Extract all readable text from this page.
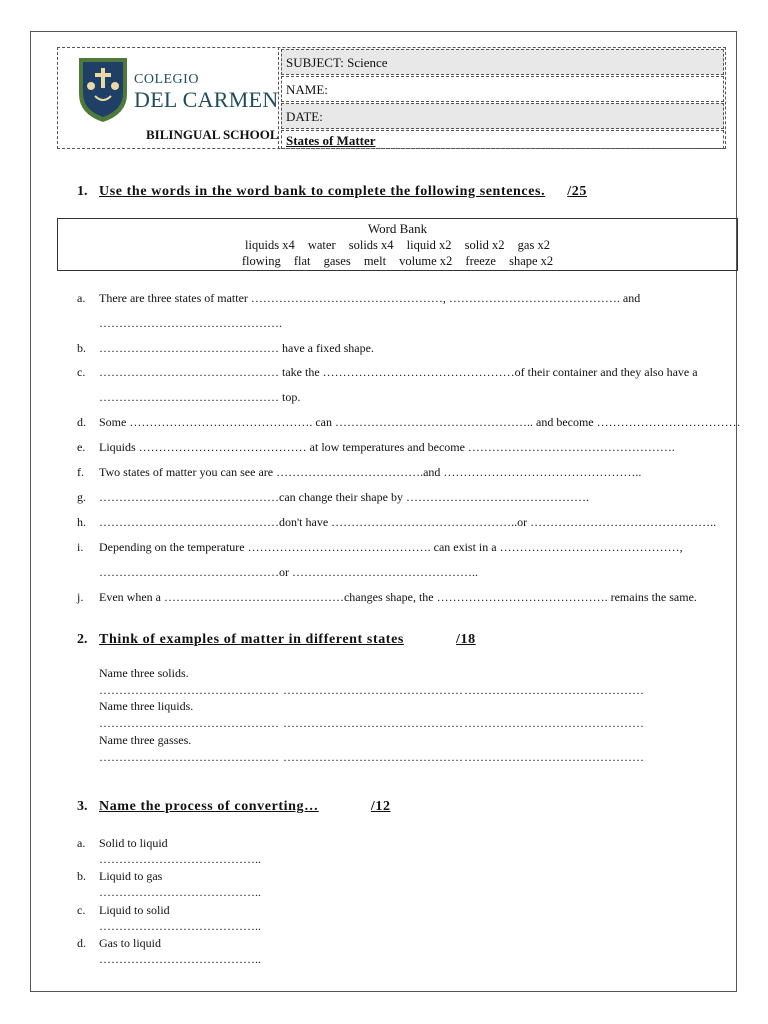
COLEGIO
DEL CARMEN
BILINGUAL SCHOOL
SUBJECT: Science
NAME:
DATE:
States of Matter
1. Use the words in the word bank to complete the following sentences. /25
Word Bank
liquids x4 water solids x4 liquid x2 solid x2 gas x2
flowing flat gases melt volume x2 freeze shape x2
a. There are three states of matter …………………………………………, ……………………………………. and
……………………………………….
b. ……………………………………… have a fixed shape.
c. ……………………………………… take the …………………………………………of their container and they also have a
……………………………………… top.
d. Some ………………………………………. can ………………………………………….. and become ………………………………
e. Liquids …………………………………… at low temperatures and become …………………………………………….
f. Two states of matter you can see are ……………………………….and …………………………………………..
g. ………………………………………can change their shape by ……………………………………….
h. ………………………………………don't have ………………………………………..or ………………………………………..
i. Depending on the temperature ………………………………………. can exist in a ………………………………………,
………………………………………or ………………………………………..
j. Even when a ………………………………………changes shape, the ……………………………………. remains the same.
2. Think of examples of matter in different states	/18
Name three solids.
……………………………………… ……………………………………… ………………………………………
Name three liquids.
……………………………………… ……………………………………… ………………………………………
Name three gasses.
……………………………………… ……………………………………… ………………………………………
3. Name the process of converting…	/12
a. Solid to liquid
…………………………………..
b. Liquid to gas
…………………………………..
c. Liquid to solid
…………………………………..
d. Gas to liquid
…………………………………..
